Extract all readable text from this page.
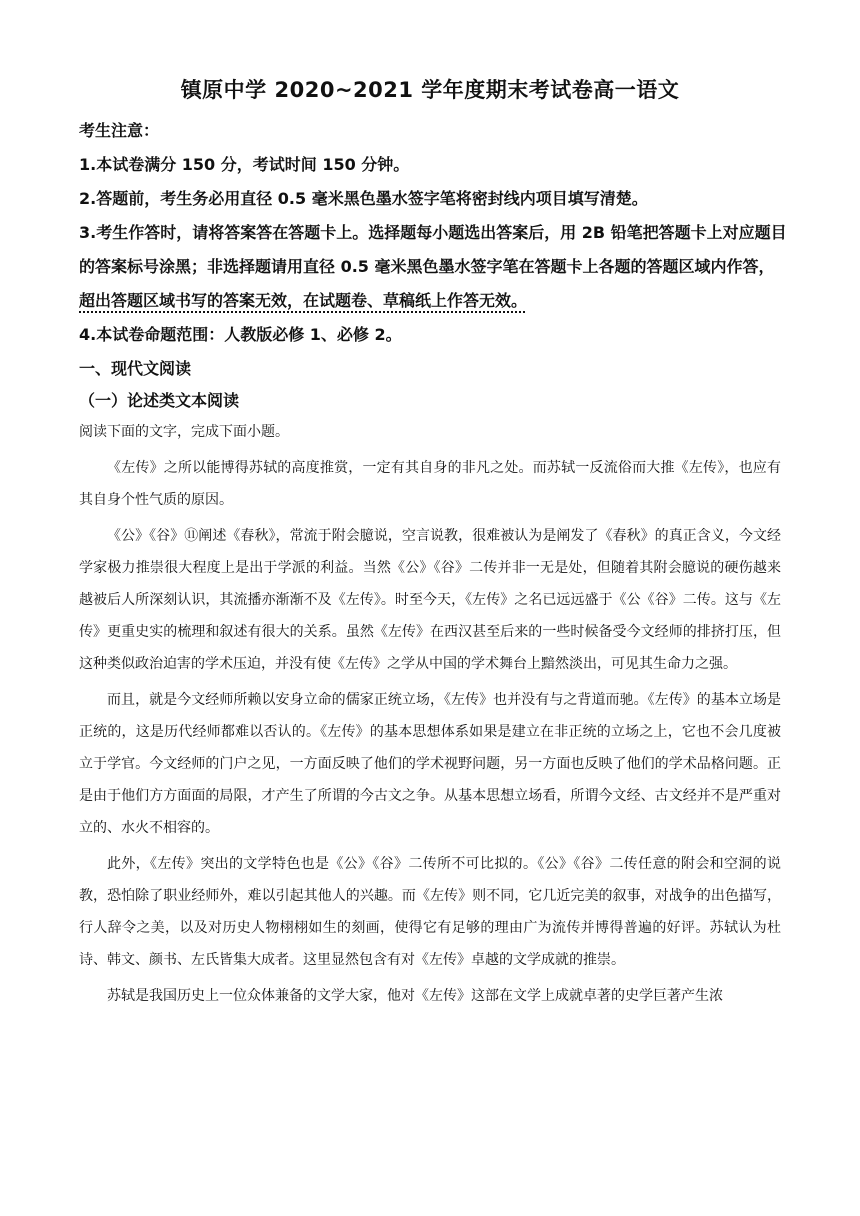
镇原中学 2020~2021 学年度期末考试卷高一语文
考生注意：
1.本试卷满分 150 分，考试时间 150 分钟。
2.答题前，考生务必用直径 0.5 毫米黑色墨水签字笔将密封线内项目填写清楚。
3.考生作答时，请将答案答在答题卡上。选择题每小题选出答案后，用 2B 铅笔把答题卡上对应题目的答案标号涂黑；非选择题请用直径 0.5 毫米黑色墨水签字笔在答题卡上各题的答题区域内作答，超出答题区域书写的答案无效，在试题卷、草稿纸上作答无效。
4.本试卷命题范围：人教版必修 1、必修 2。
一、现代文阅读
（一）论述类文本阅读
阅读下面的文字，完成下面小题。

《左传》之所以能博得苏轼的高度推赏，一定有其自身的非凡之处。而苏轼一反流俗而大推《左传》，也应有其自身个性气质的原因。

《公》《谷》⑪阐述《春秋》，常流于附会臆说，空言说教，很难被认为是阐发了《春秋》的真正含义，今文经学家极力推崇很大程度上是出于学派的利益。当然《公》《谷》二传并非一无是处，但随着其附会臆说的硬伤越来越被后人所深刻认识，其流播亦渐渐不及《左传》。时至今天，《左传》之名已远远盛于《公《谷》二传。这与《左传》更重史实的梳理和叙述有很大的关系。虽然《左传》在西汉甚至后来的一些时候备受今文经师的排挤打压，但这种类似政治迫害的学术压迫，并没有使《左传》之学从中国的学术舞台上黯然淡出，可见其生命力之强。

而且，就是今文经师所赖以安身立命的儒家正统立场，《左传》也并没有与之背道而驰。《左传》的基本立场是正统的，这是历代经师都难以否认的。《左传》的基本思想体系如果是建立在非正统的立场之上，它也不会几度被立于学官。今文经师的门户之见，一方面反映了他们的学术视野问题，另一方面也反映了他们的学术品格问题。正是由于他们方方面面的局限，才产生了所谓的今古文之争。从基本思想立场看，所谓今文经、古文经并不是严重对立的、水火不相容的。

此外，《左传》突出的文学特色也是《公》《谷》二传所不可比拟的。《公》《谷》二传任意的附会和空洞的说教，恐怕除了职业经师外，难以引起其他人的兴趣。而《左传》则不同，它几近完美的叙事，对战争的出色描写，行人辞令之美，以及对历史人物栩栩如生的刻画，使得它有足够的理由广为流传并博得普遍的好评。苏轼认为杜诗、韩文、颜书、左氏皆集大成者。这里显然包含有对《左传》卓越的文学成就的推崇。

苏轼是我国历史上一位众体兼备的文学大家，他对《左传》这部在文学上成就卓著的史学巨著产生浓
